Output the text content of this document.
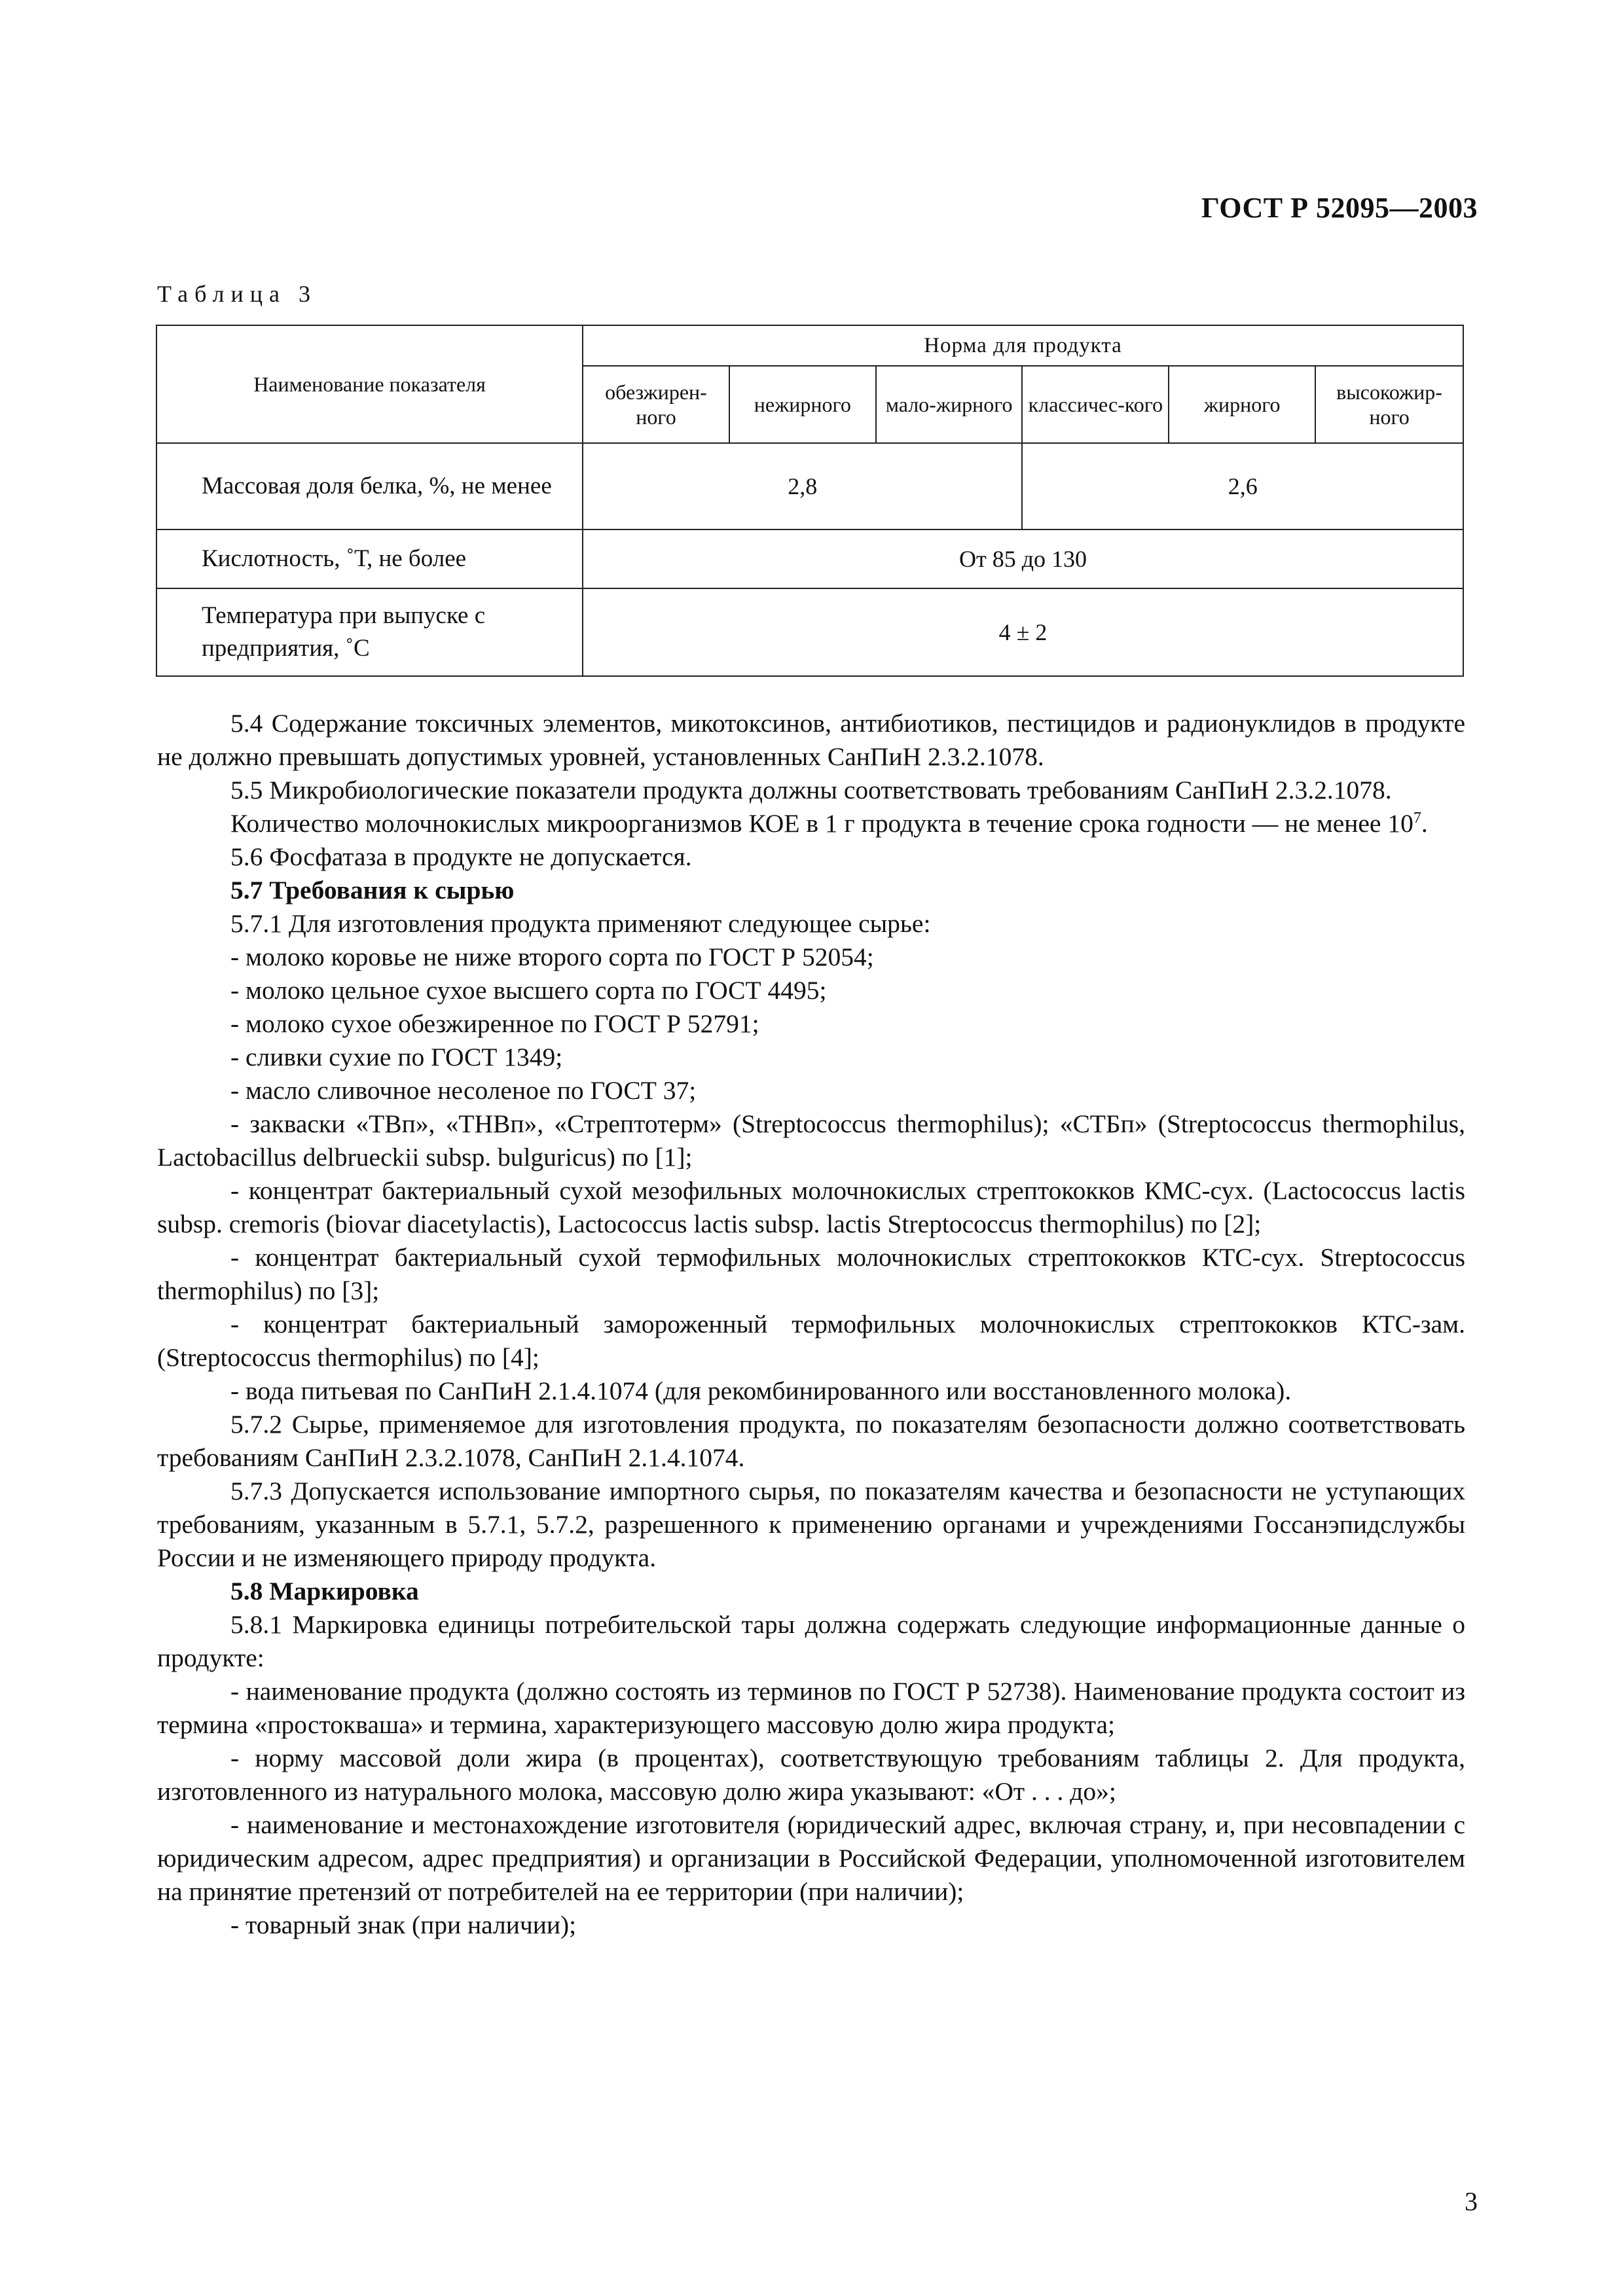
ГОСТ Р 52095—2003
Таблица 3
Наименование показателя	Норма для продукта					
	обезжирен-ного	нежирного	мало-жирного	классичес-кого	жирного	высокожир-ного

Массовая доля белка, %, не менее	2,8			2,6		

Кислотность, ˚Т, не более	От 85 до 130					

Температура при выпуске с предприятия, ˚С	4 ± 2					

5.4 Содержание токсичных элементов, микотоксинов, антибиотиков, пестицидов и радионуклидов в продукте не должно превышать допустимых уровней, установленных СанПиН 2.3.2.1078.

5.5 Микробиологические показатели продукта должны соответствовать требованиям СанПиН 2.3.2.1078.

Количество молочнокислых микроорганизмов КОЕ в 1 г продукта в течение срока годности — не менее $10^7$.

5.6 Фосфатаза в продукте не допускается.

5.7 Требования к сырью

5.7.1 Для изготовления продукта применяют следующее сырье:

- молоко коровье не ниже второго сорта по ГОСТ Р 52054;

- молоко цельное сухое высшего сорта по ГОСТ 4495;

- молоко сухое обезжиренное по ГОСТ Р 52791;

- сливки сухие по ГОСТ 1349;

- масло сливочное несоленое по ГОСТ 37;

- закваски «ТВп», «ТНВп», «Стрептотерм» (Streptococcus thermophilus); «СТБп» (Streptococcus thermophilus, Lactobacillus delbrueckii subsp. bulguricus) по [1];

- концентрат бактериальный сухой мезофильных молочнокислых стрептококков КМС-сух. (Lactococcus lactis subsp. cremoris (biovar diacetylactis), Lactococcus lactis subsp. lactis Streptococcus thermophilus) по [2];

- концентрат бактериальный сухой термофильных молочнокислых стрептококков КТС-сух. Streptococcus thermophilus) по [3];

- концентрат бактериальный замороженный термофильных молочнокислых стрептококков КТС-зам. (Streptococcus thermophilus) по [4];

- вода питьевая по СанПиН 2.1.4.1074 (для рекомбинированного или восстановленного молока).

5.7.2 Сырье, применяемое для изготовления продукта, по показателям безопасности должно соответствовать требованиям СанПиН 2.3.2.1078, СанПиН 2.1.4.1074.

5.7.3 Допускается использование импортного сырья, по показателям качества и безопасности не уступающих требованиям, указанным в 5.7.1, 5.7.2, разрешенного к применению органами и учреждениями Госсанэпидслужбы России и не изменяющего природу продукта.

5.8 Маркировка

5.8.1 Маркировка единицы потребительской тары должна содержать следующие информационные данные о продукте:

- наименование продукта (должно состоять из терминов по ГОСТ Р 52738). Наименование продукта состоит из термина «простокваша» и термина, характеризующего массовую долю жира продукта;

- норму массовой доли жира (в процентах), соответствующую требованиям таблицы 2. Для продукта, изготовленного из натурального молока, массовую долю жира указывают: «От . . . до»;

- наименование и местонахождение изготовителя (юридический адрес, включая страну, и, при несовпадении с юридическим адресом, адрес предприятия) и организации в Российской Федерации, уполномоченной изготовителем на принятие претензий от потребителей на ее территории (при наличии);

- товарный знак (при наличии);

3
